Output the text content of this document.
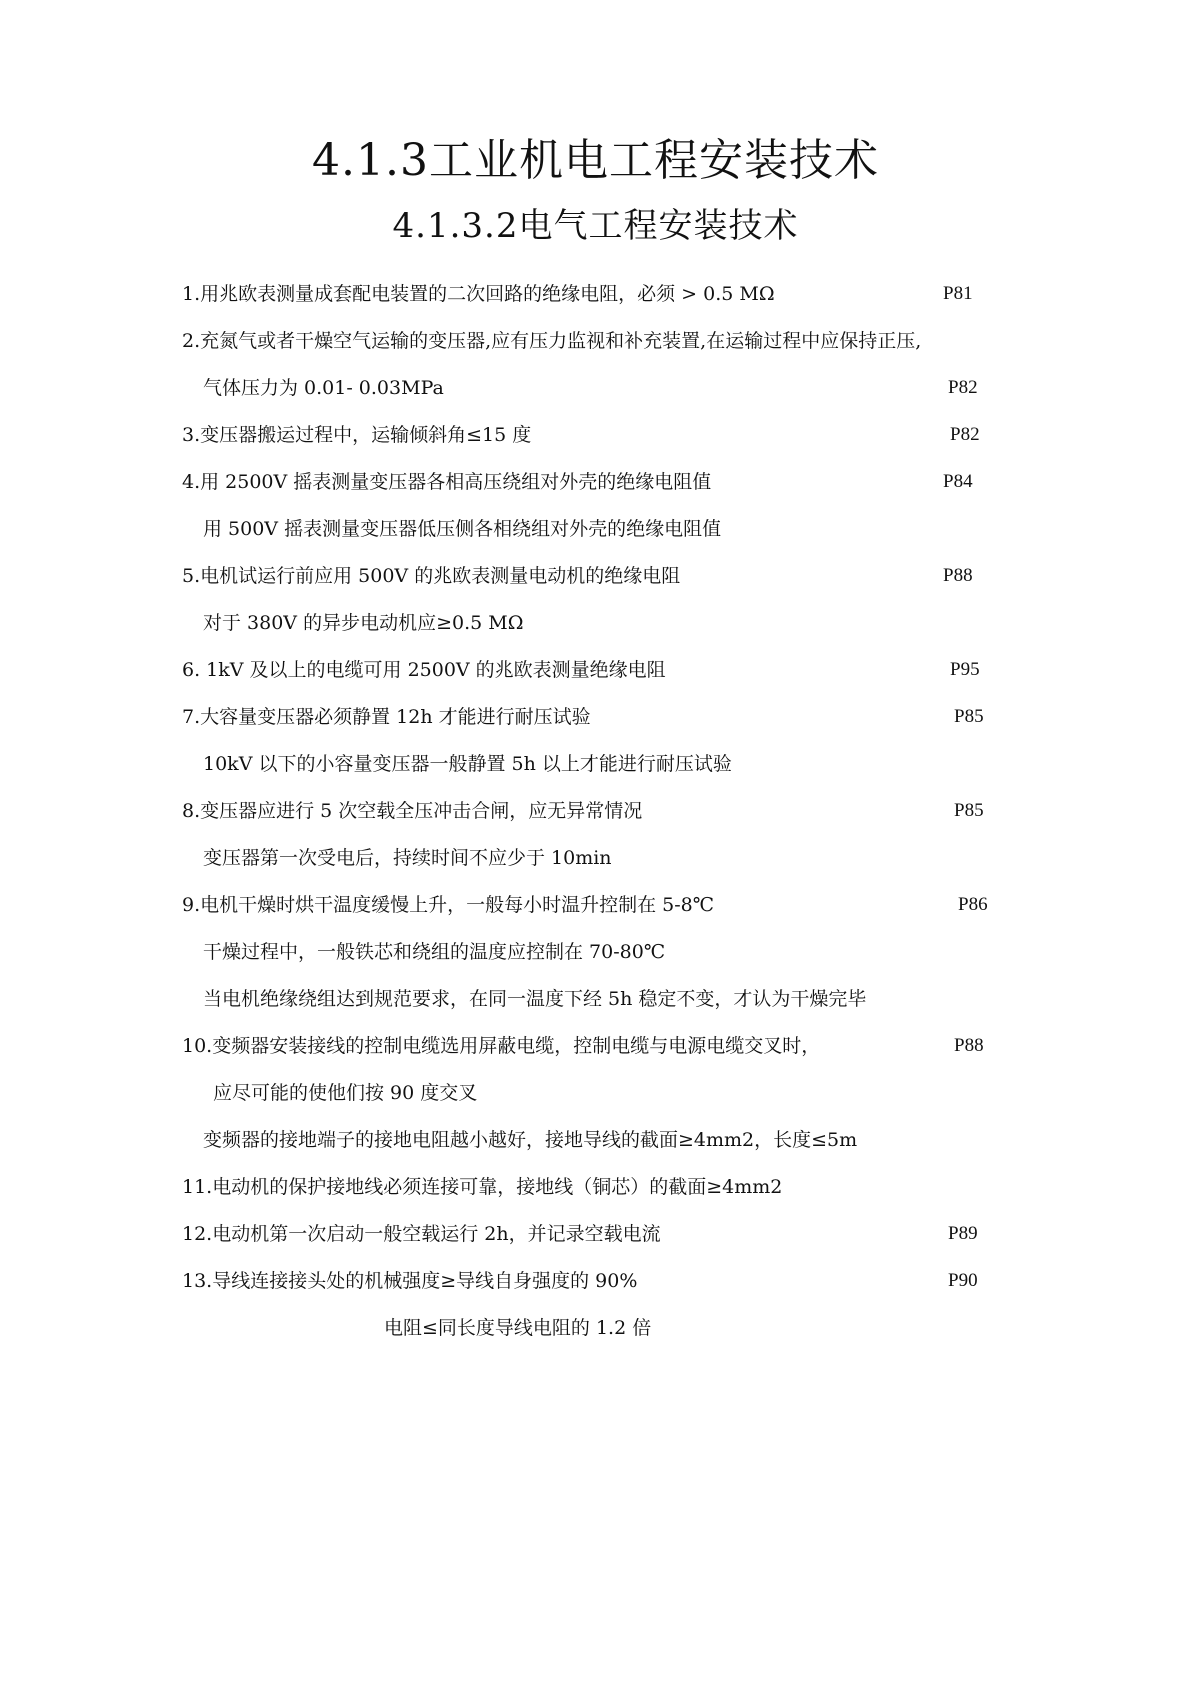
4.1.3工业机电工程安装技术
4.1.3.2电气工程安装技术
1.用兆欧表测量成套配电装置的二次回路的绝缘电阻，必须 > 0.5 MΩ	P81
2.充氮气或者干燥空气运输的变压器,应有压力监视和补充装置,在运输过程中应保持正压,
气体压力为 0.01- 0.03MPa	P82
3.变压器搬运过程中，运输倾斜角≤15 度	P82
4.用 2500V 摇表测量变压器各相高压绕组对外壳的绝缘电阻值	P84
用 500V 摇表测量变压器低压侧各相绕组对外壳的绝缘电阻值
5.电机试运行前应用 500V 的兆欧表测量电动机的绝缘电阻	P88
对于 380V 的异步电动机应≥0.5 MΩ
6. 1kV 及以上的电缆可用 2500V 的兆欧表测量绝缘电阻	P95
7.大容量变压器必须静置 12h 才能进行耐压试验	P85
10kV 以下的小容量变压器一般静置 5h 以上才能进行耐压试验
8.变压器应进行 5 次空载全压冲击合闸，应无异常情况	P85
变压器第一次受电后，持续时间不应少于 10min
9.电机干燥时烘干温度缓慢上升，一般每小时温升控制在 5-8℃	P86
干燥过程中，一般铁芯和绕组的温度应控制在 70-80℃
当电机绝缘绕组达到规范要求，在同一温度下经 5h 稳定不变，才认为干燥完毕
10.变频器安装接线的控制电缆选用屏蔽电缆，控制电缆与电源电缆交叉时，	P88
应尽可能的使他们按 90 度交叉
变频器的接地端子的接地电阻越小越好，接地导线的截面≥4mm2，长度≤5m
11.电动机的保护接地线必须连接可靠，接地线（铜芯）的截面≥4mm2
12.电动机第一次启动一般空载运行 2h，并记录空载电流	P89
13.导线连接接头处的机械强度≥导线自身强度的 90%	P90
电阻≤同长度导线电阻的 1.2 倍
